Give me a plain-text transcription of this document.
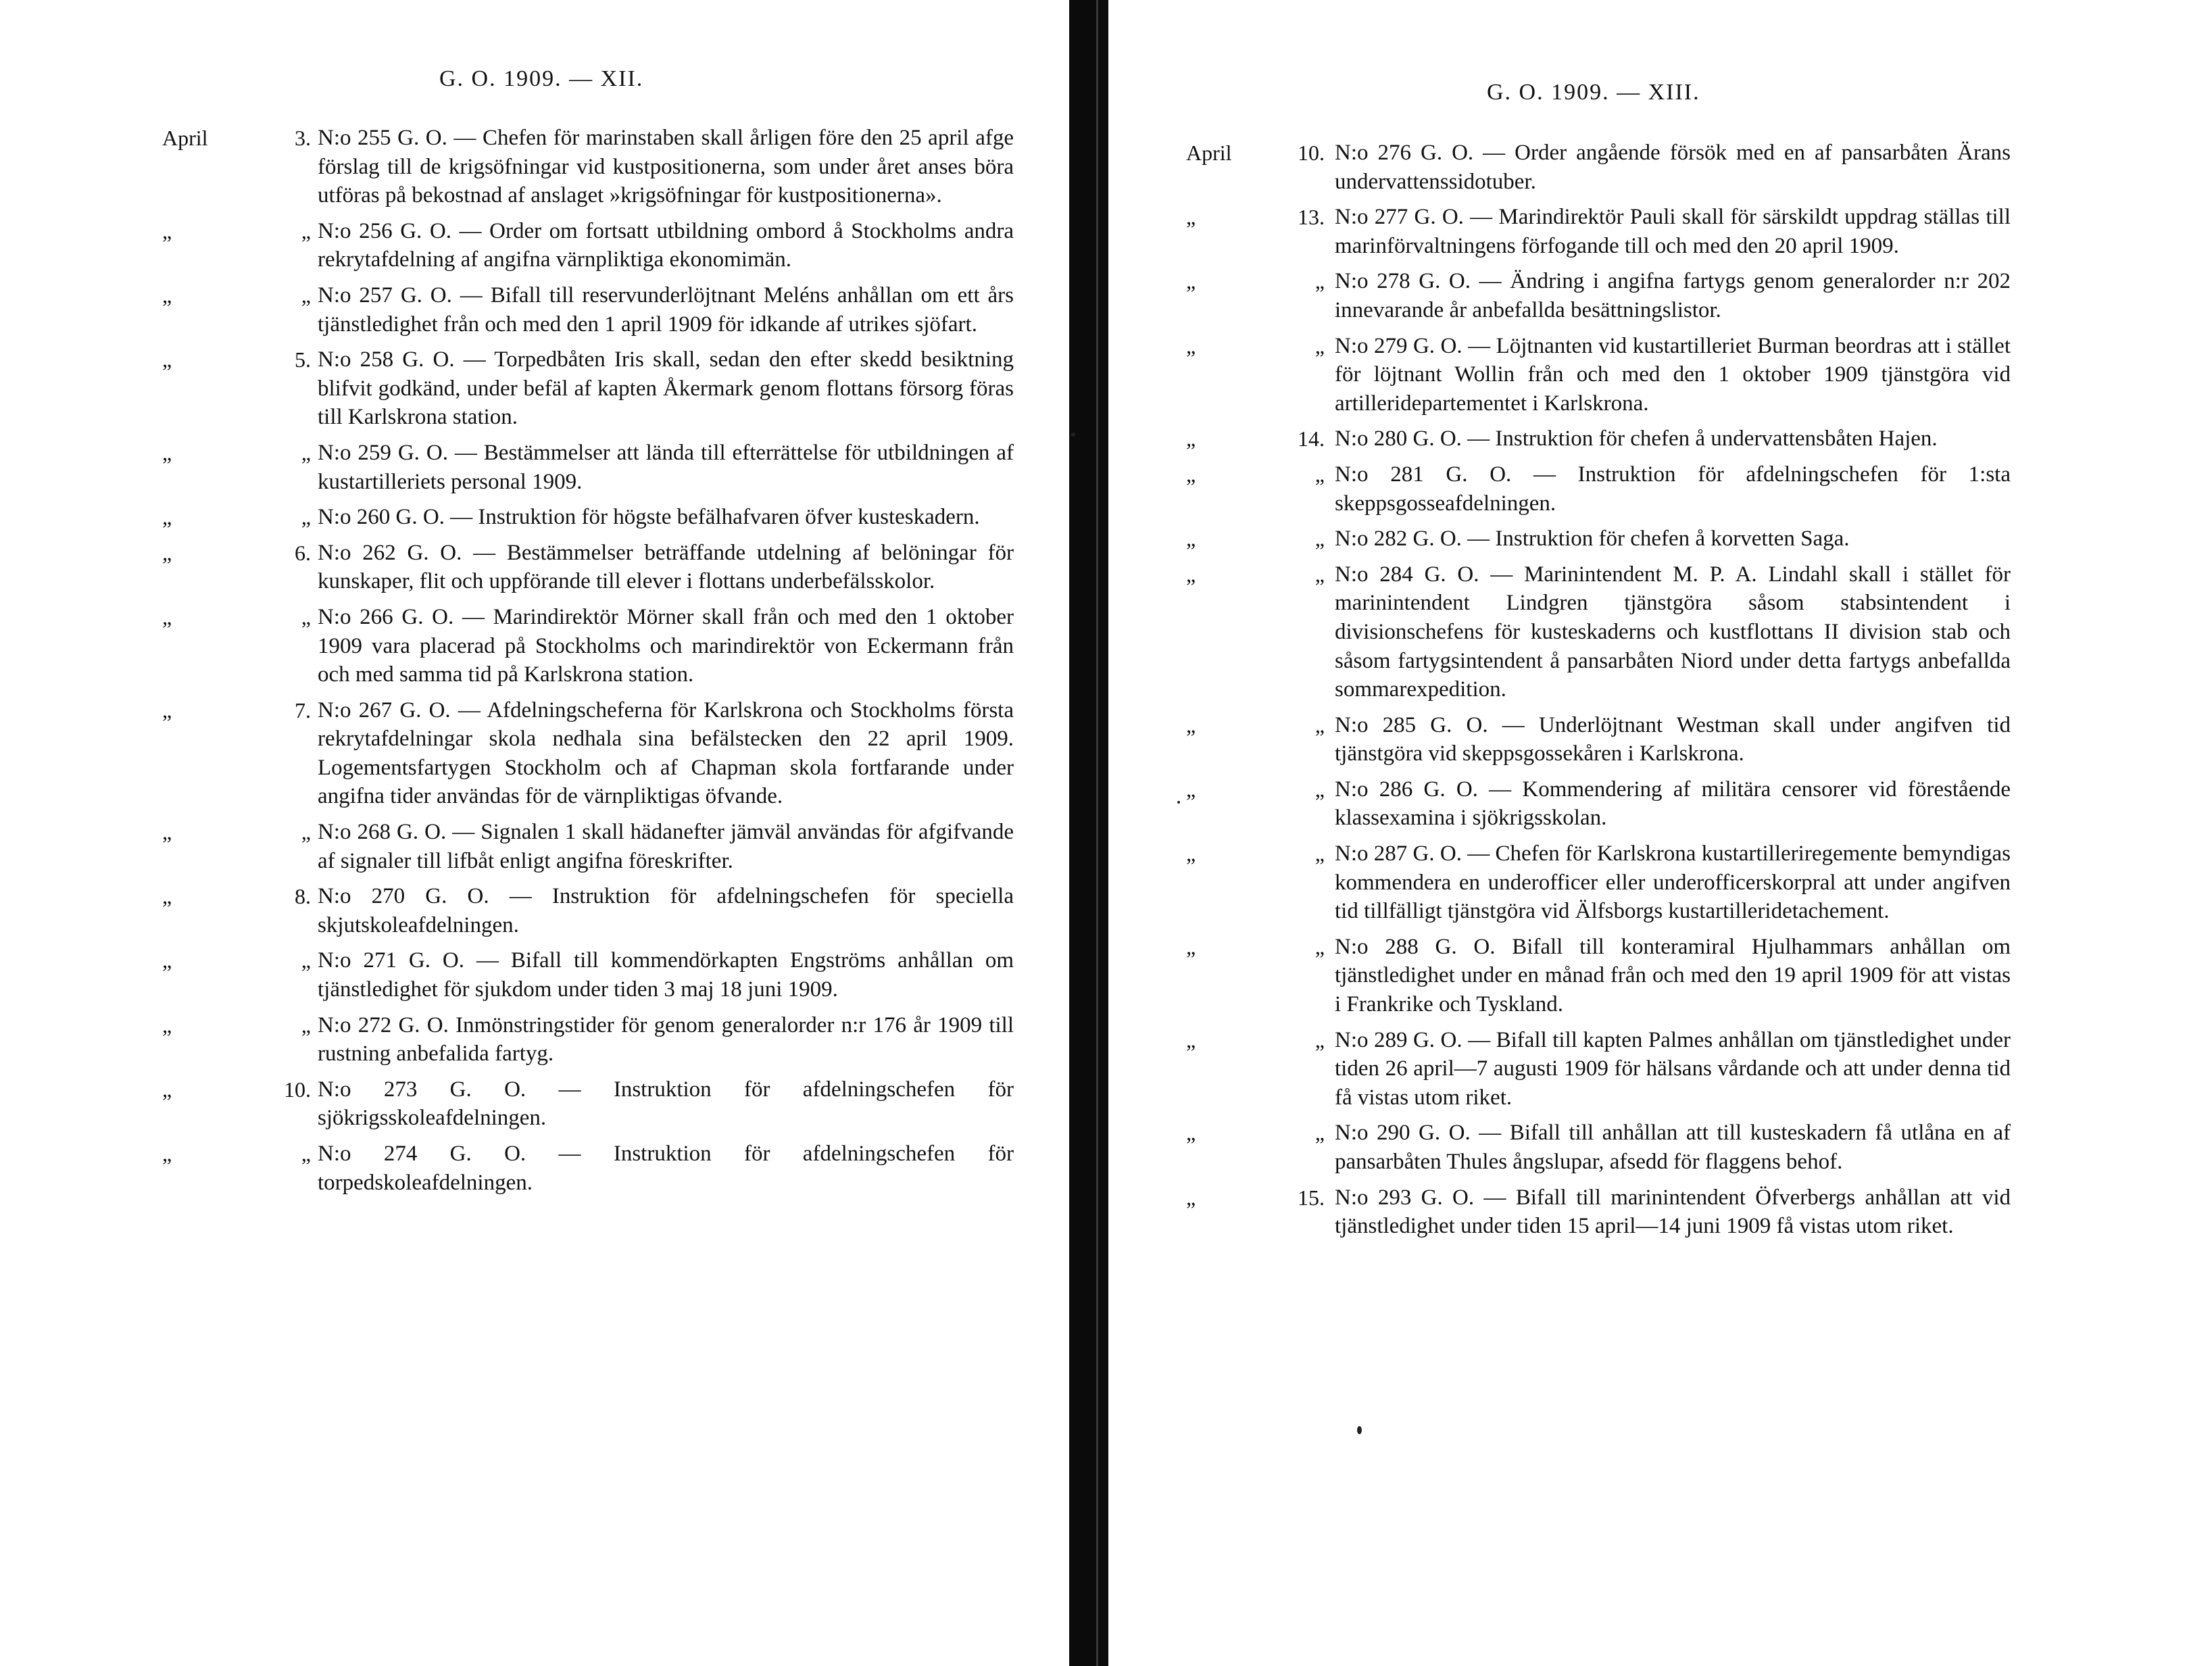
G. O. 1909. — XII.
April	3. N:o 255 G. O. — Chefen för marinstaben skall årligen före den 25 april afge förslag till de krigsöfningar vid kustpositionerna, som under året anses böra utföras på bekostnad af anslaget »krigsöfningar för kustpositionerna».
„	„ N:o 256 G. O. — Order om fortsatt utbildning ombord å Stockholms andra rekrytafdelning af angifna värnpliktiga ekonomimän.
„	„ N:o 257 G. O. — Bifall till reservunderlöjtnant Meléns anhållan om ett års tjänstledighet från och med den 1 april 1909 för idkande af utrikes sjöfart.
„	5. N:o 258 G. O. — Torpedbåten Iris skall, sedan den efter skedd besiktning blifvit godkänd, under befäl af kapten Åkermark genom flottans försorg föras till Karlskrona station.
„	„ N:o 259 G. O. — Bestämmelser att lända till efterrättelse för utbildningen af kustartilleriets personal 1909.
„	„ N:o 260 G. O. — Instruktion för högste befälhafvaren öfver kusteskadern.
„	6. N:o 262 G. O. — Bestämmelser beträffande utdelning af belöningar för kunskaper, flit och uppförande till elever i flottans underbefälsskolor.
„	„ N:o 266 G. O. — Marindirektör Mörner skall från och med den 1 oktober 1909 vara placerad på Stockholms och marindirektör von Eckermann från och med samma tid på Karlskrona station.
„	7. N:o 267 G. O. — Afdelningscheferna för Karlskrona och Stockholms första rekrytafdelningar skola nedhala sina befälstecken den 22 april 1909. Logementsfartygen Stockholm och af Chapman skola fortfarande under angifna tider användas för de värnpliktigas öfvande.
„	„ N:o 268 G. O. — Signalen 1 skall hädanefter jämväl användas för afgifvande af signaler till lifbåt enligt angifna föreskrifter.
„	8. N:o 270 G. O. — Instruktion för afdelningschefen för speciella skjutskoleafdelningen.
„	„ N:o 271 G. O. — Bifall till kommendörkapten Engströms anhållan om tjänstledighet för sjukdom under tiden 3 maj 18 juni 1909.
„	„ N:o 272 G. O. Inmönstringstider för genom generalorder n:r 176 år 1909 till rustning anbefalida fartyg.
„	10. N:o 273 G. O. — Instruktion för afdelningschefen för sjökrigsskoleafdelningen.
„	„ N:o 274 G. O. — Instruktion för afdelningschefen för torpedskoleafdelningen.
G. O. 1909. — XIII.
April	10. N:o 276 G. O. — Order angående försök med en af pansarbåten Ärans undervattenssidotuber.
„	13. N:o 277 G. O. — Marindirektör Pauli skall för särskildt uppdrag ställas till marinförvaltningens förfogande till och med den 20 april 1909.
„	„ N:o 278 G. O. — Ändring i angifna fartygs genom generalorder n:r 202 innevarande år anbefallda besättningslistor.
„	„ N:o 279 G. O. — Löjtnanten vid kustartilleriet Burman beordras att i stället för löjtnant Wollin från och med den 1 oktober 1909 tjänstgöra vid artilleridepartementet i Karlskrona.
„	14. N:o 280 G. O. — Instruktion för chefen å undervattensbåten Hajen.
„	„ N:o 281 G. O. — Instruktion för afdelningschefen för 1:sta skeppsgosseafdelningen.
„	„ N:o 282 G. O. — Instruktion för chefen å korvetten Saga.
„	„ N:o 284 G. O. — Marinintendent M. P. A. Lindahl skall i stället för marinintendent Lindgren tjänstgöra såsom stabsintendent i divisionschefens för kusteskaderns och kustflottans II division stab och såsom fartygsintendent å pansarbåten Niord under detta fartygs anbefallda sommarexpedition.
„	„ N:o 285 G. O. — Underlöjtnant Westman skall under angifven tid tjänstgöra vid skeppsgossekåren i Karlskrona.
„	„ N:o 286 G. O. — Kommendering af militära censorer vid förestående klassexamina i sjökrigsskolan.
„	„ N:o 287 G. O. — Chefen för Karlskrona kustartilleriregemente bemyndigas kommendera en underofficer eller underofficerskorpral att under angifven tid tillfälligt tjänstgöra vid Älfsborgs kustartilleridetachement.
„	„ N:o 288 G. O. Bifall till konteramiral Hjulhammars anhållan om tjänstledighet under en månad från och med den 19 april 1909 för att vistas i Frankrike och Tyskland.
„	„ N:o 289 G. O. — Bifall till kapten Palmes anhållan om tjänstledighet under tiden 26 april—7 augusti 1909 för hälsans vårdande och att under denna tid få vistas utom riket.
„	„ N:o 290 G. O. — Bifall till anhållan att till kusteskadern få utlåna en af pansarbåten Thules ångslupar, afsedd för flaggens behof.
„	15. N:o 293 G. O. — Bifall till marinintendent Öfverbergs anhållan att vid tjänstledighet under tiden 15 april—14 juni 1909 få vistas utom riket.
